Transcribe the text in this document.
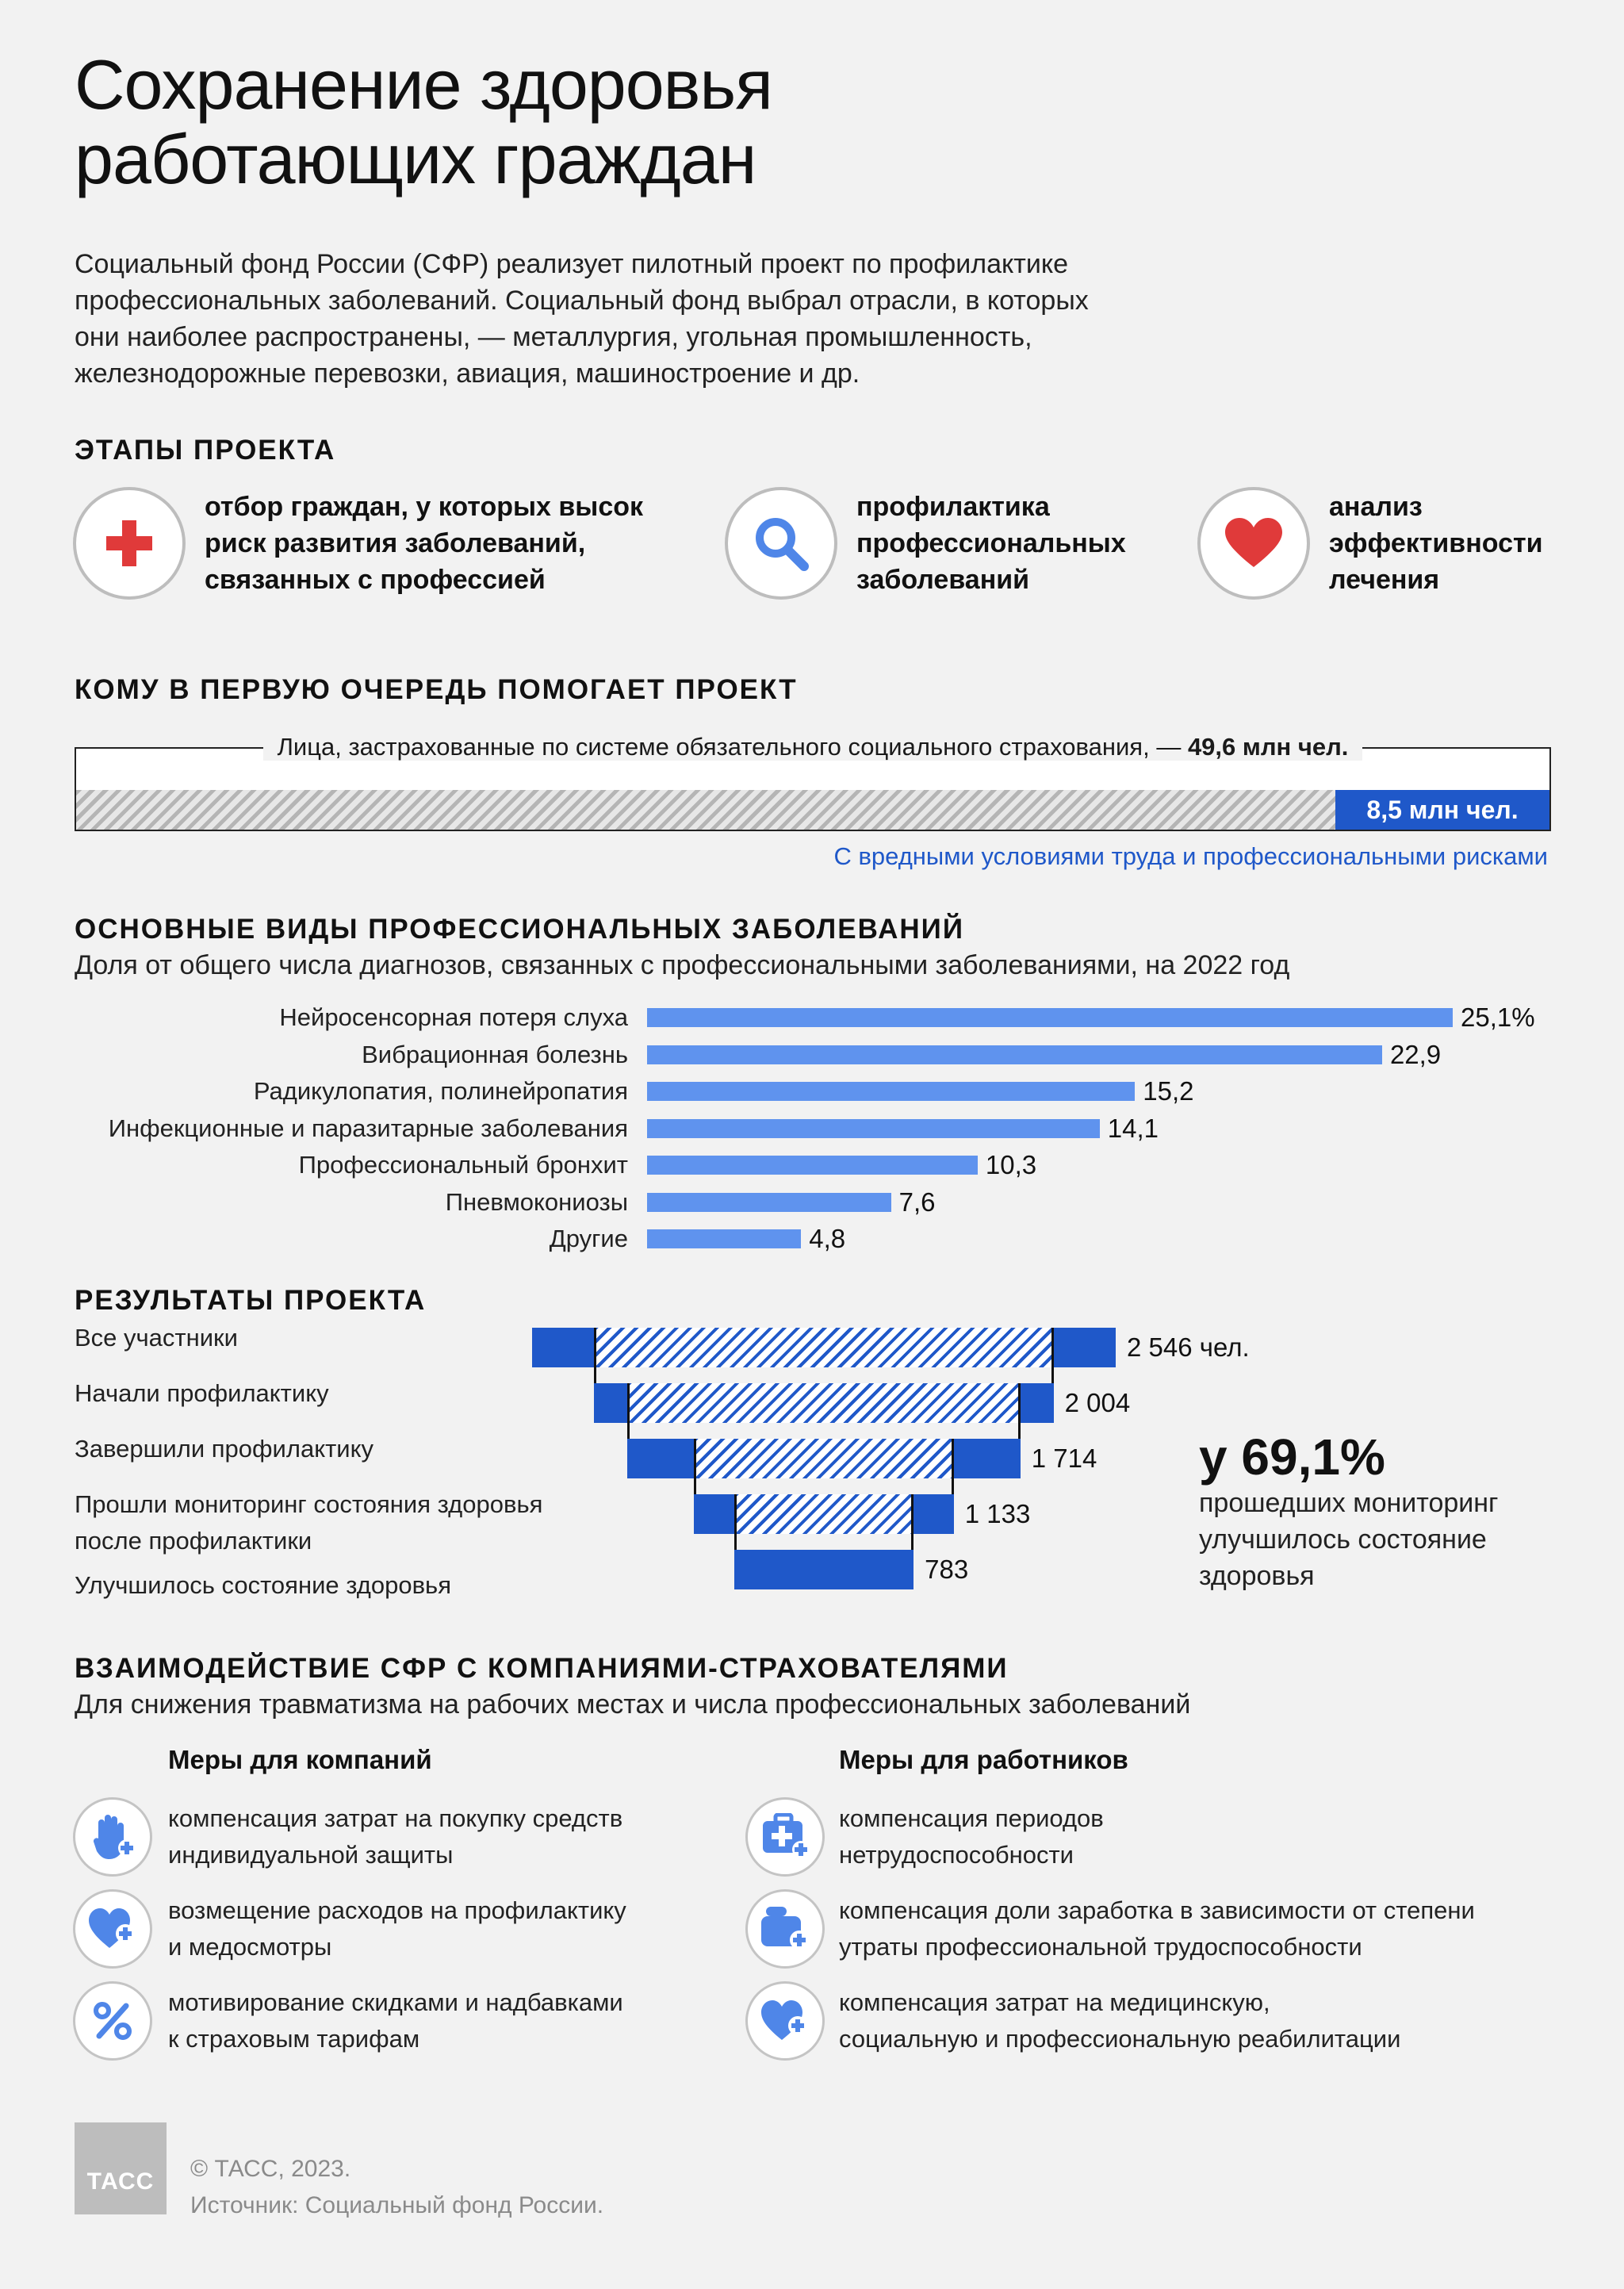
Сохранение здоровья
работающих граждан
Социальный фонд России (СФР) реализует пилотный проект по профилактике
профессиональных заболеваний. Социальный фонд выбрал отрасли, в которых
они наиболее распространены, — металлургия, угольная промышленность,
железнодорожные перевозки, авиация, машиностроение и др.
ЭТАПЫ ПРОЕКТА
отбор граждан, у которых высок
риск развития заболеваний,
связанных с профессией
профилактика
профессиональных
заболеваний
анализ
эффективности
лечения
КОМУ В ПЕРВУЮ ОЧЕРЕДЬ ПОМОГАЕТ ПРОЕКТ
Лица, застрахованные по системе обязательного социального страхования, — 49,6 млн чел.
8,5 млн чел.
С вредными условиями труда и профессиональными рисками
ОСНОВНЫЕ ВИДЫ ПРОФЕССИОНАЛЬНЫХ ЗАБОЛЕВАНИЙ
Доля от общего числа диагнозов, связанных с профессиональными заболеваниями, на 2022 год
Нейросенсорная потеря слуха	25,1%
Вибрационная болезнь	22,9
Радикулопатия, полинейропатия	15,2
Инфекционные и паразитарные заболевания	14,1
Профессиональный бронхит	10,3
Пневмокониозы	7,6
Другие	4,8
РЕЗУЛЬТАТЫ ПРОЕКТА
2 546 чел.
Все участники
2 004
Начали профилактику
1 714
Завершили профилактику
1 133
Прошли мониторинг состояния здоровья
после профилактики
783
Улучшилось состояние здоровья
у 69,1%
прошедших мониторинг
улучшилось состояние
здоровья
ВЗАИМОДЕЙСТВИЕ СФР С КОМПАНИЯМИ-СТРАХОВАТЕЛЯМИ
Для снижения травматизма на рабочих местах и числа профессиональных заболеваний
Меры для компаний	Меры для работников
компенсация затрат на покупку средств
индивидуальной защиты
возмещение расходов на профилактику
и медосмотры
мотивирование скидками и надбавками
к страховым тарифам
компенсация периодов
нетрудоспособности
компенсация доли заработка в зависимости от степени
утраты профессиональной трудоспособности
компенсация затрат на медицинскую,
социальную и профессиональную реабилитации
ТАСС © ТАСС, 2023.
Источник: Социальный фонд России.
